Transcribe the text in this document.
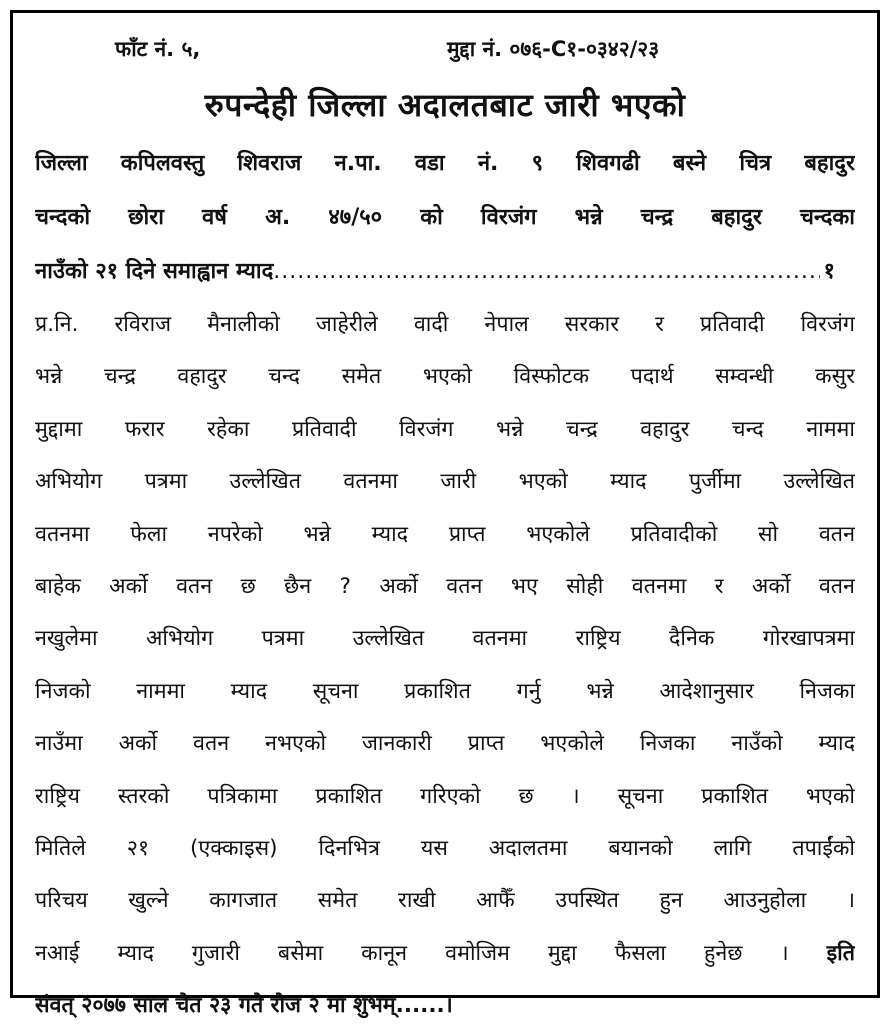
फाँट नं. ५,	मुद्दा नं. ०७६-C१-०३४२/२३
रुपन्देही जिल्ला अदालतबाट जारी भएको
जिल्ला कपिलवस्तु शिवराज न.पा. वडा नं. ९ शिवगढी बस्ने चित्र बहादुर
चन्दको छोरा वर्ष अ. ४७/५० को विरजंग भन्ने चन्द्र बहादुर चन्दका
नाउँको २१ दिने समाह्वान म्याद
.....	१
प्र.नि. रविराज मैनालीको जाहेरीले वादी नेपाल सरकार र प्रतिवादी विरजंग
भन्ने चन्द्र वहादुर चन्द समेत भएको विस्फोटक पदार्थ सम्वन्धी कसुर
मुद्दामा फरार रहेका प्रतिवादी विरजंग भन्ने चन्द्र वहादुर चन्द नाममा
अभियोग पत्रमा उल्लेखित वतनमा जारी भएको म्याद पुर्जीमा उल्लेखित
वतनमा फेला नपरेको भन्ने म्याद प्राप्त भएकोले प्रतिवादीको सो वतन
बाहेक अर्को वतन छ छैन ? अर्को वतन भए सोही वतनमा र अर्को वतन
नखुलेमा अभियोग पत्रमा उल्लेखित वतनमा राष्ट्रिय दैनिक गोरखापत्रमा
निजको नाममा म्याद सूचना प्रकाशित गर्नु भन्ने आदेशानुसार निजका
नाउँमा अर्को वतन नभएको जानकारी प्राप्त भएकोले निजका नाउँको म्याद
राष्ट्रिय स्तरको पत्रिकामा प्रकाशित गरिएको छ । सूचना प्रकाशित भएको
मितिले २१ (एक्काइस) दिनभित्र यस अदालतमा बयानको लागि तपाईंको
परिचय खुल्ने कागजात समेत राखी आफैँ उपस्थित हुन आउनुहोला ।
नआई म्याद गुजारी बसेमा कानून वमोजिम मुद्दा फैसला हुनेछ । इति
संवत् २०७७ साल चैत २३ गते रोज २ मा शुभम्......।
